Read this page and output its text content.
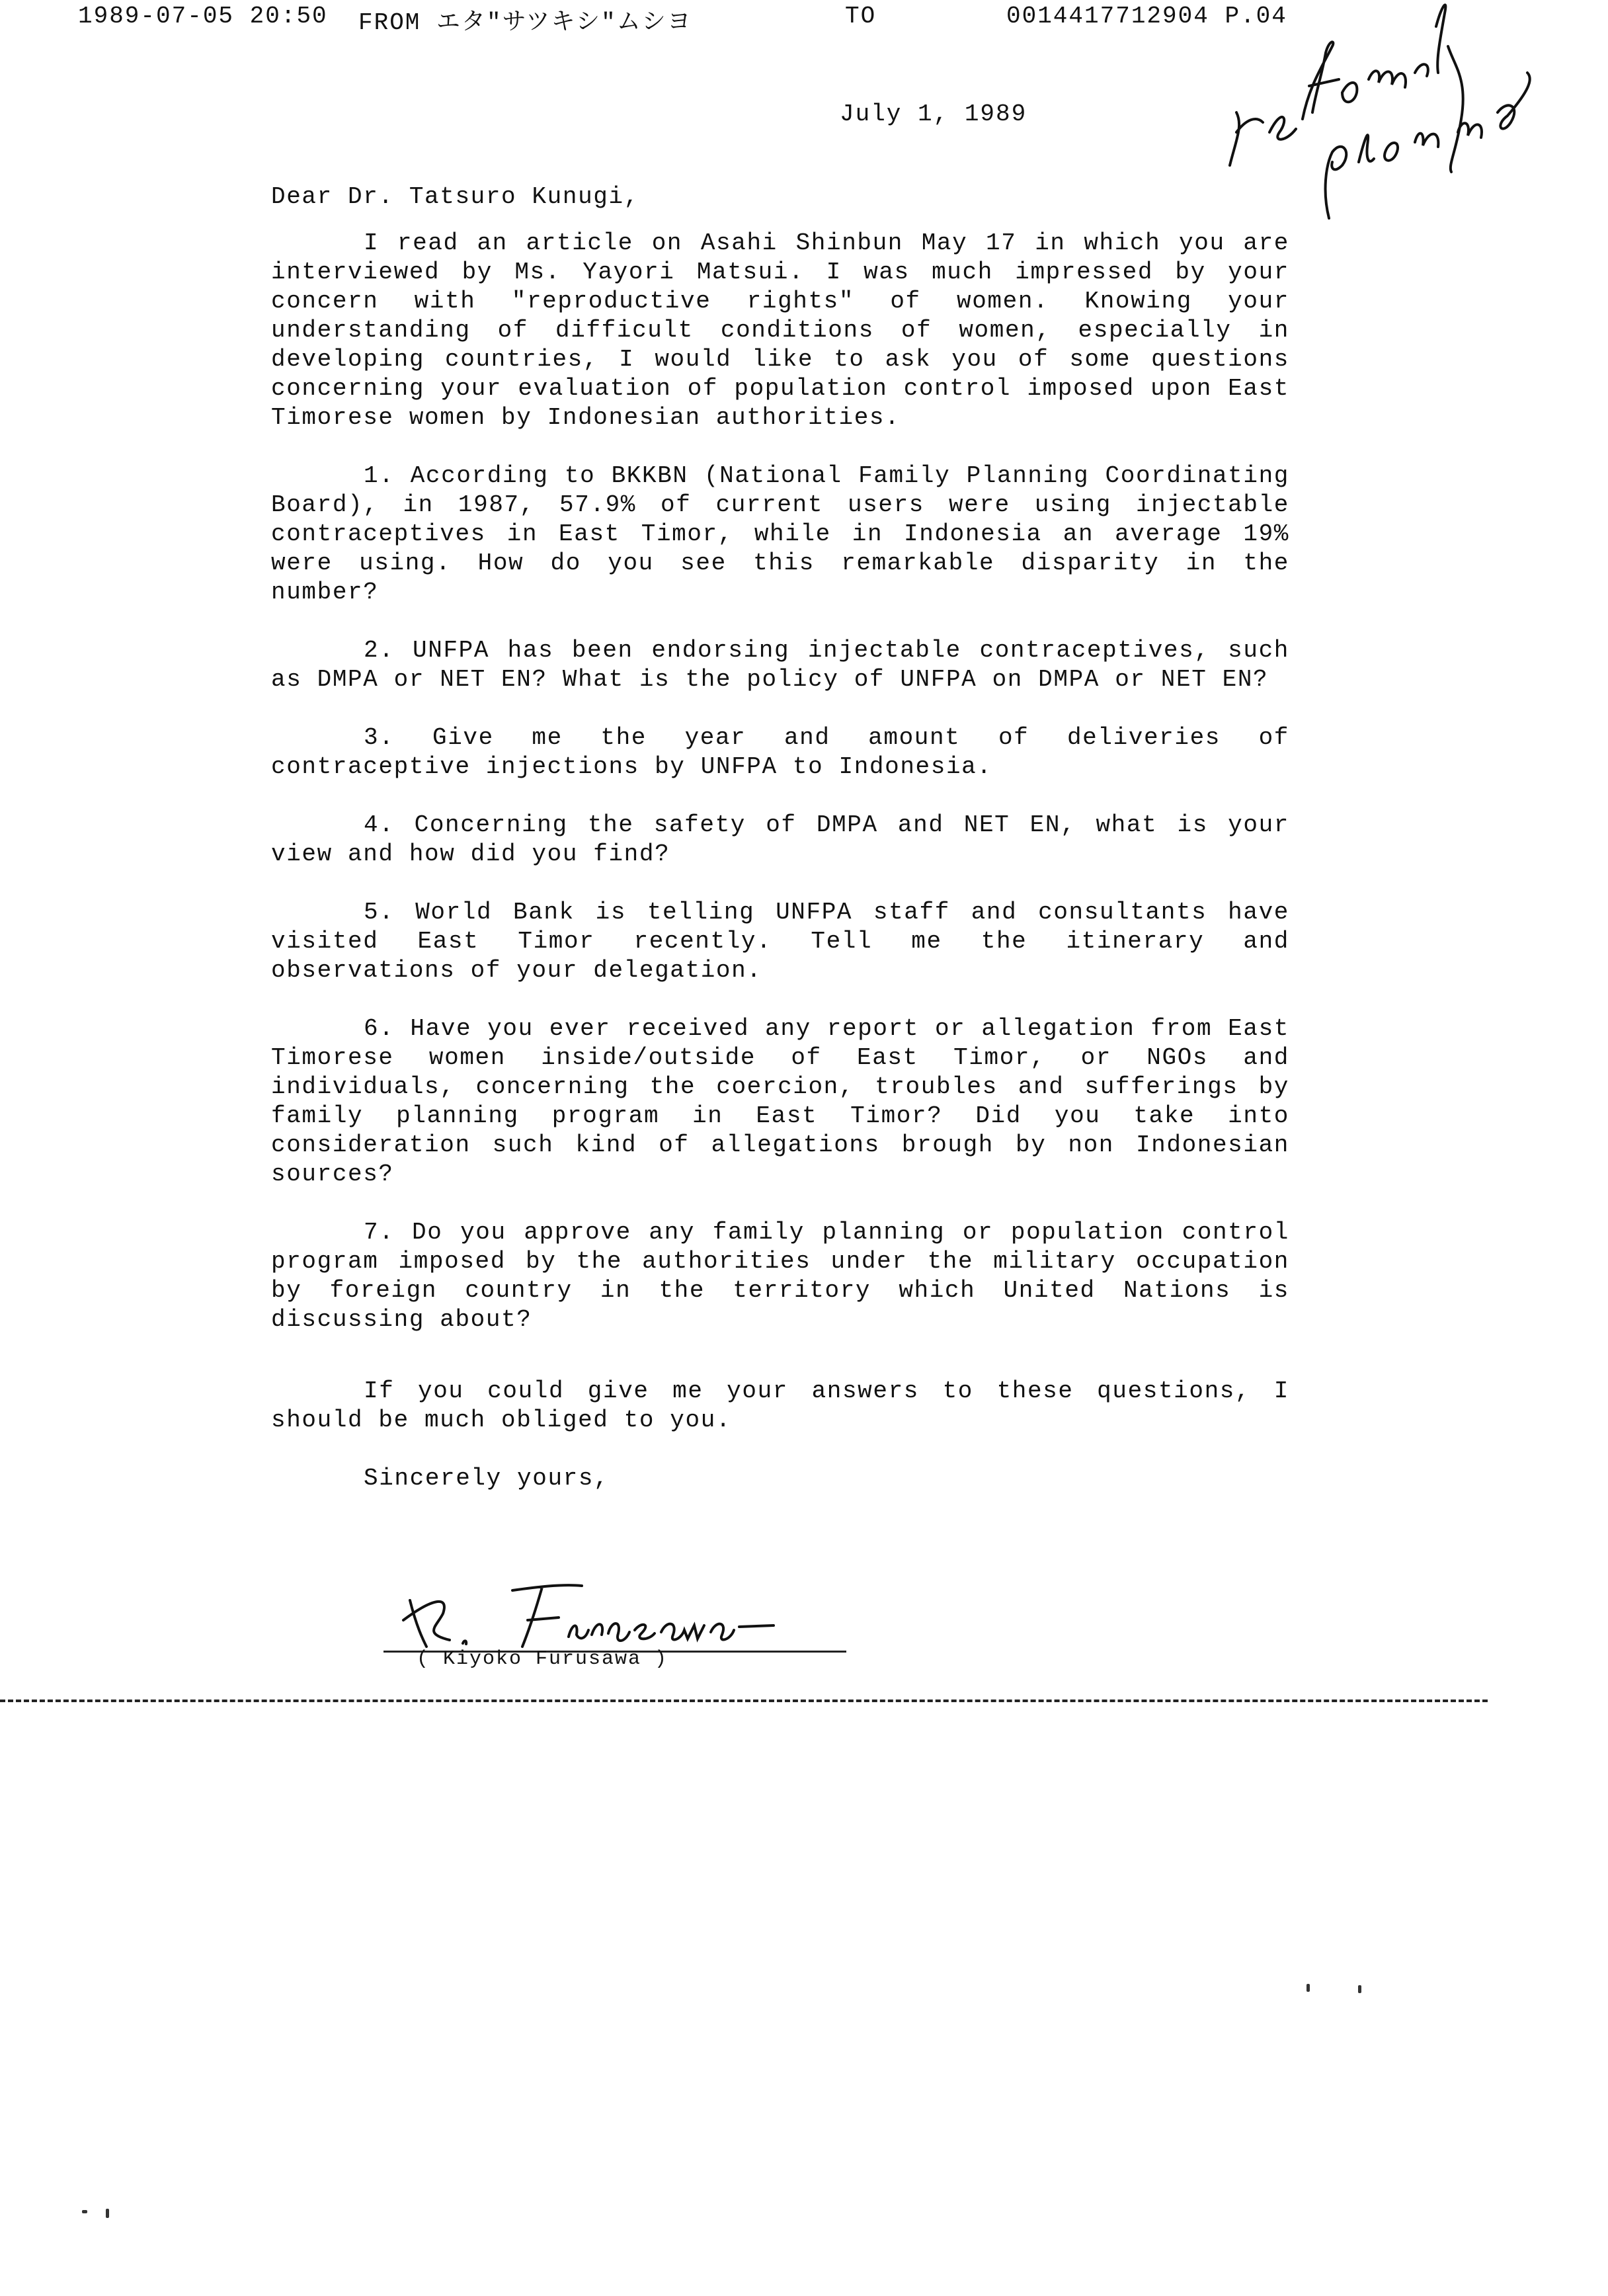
1989-07-05 20:50

FROM エタ"サツキシ"ムシヨ

	TO

	0014417712904 P.04

July 1, 1989

Dear Dr. Tatsuro Kunugi,

I read an article on Asahi Shinbun May 17 in which you are interviewed by Ms. Yayori Matsui. I was much impressed by your concern with "reproductive rights" of women. Knowing your understanding of difficult conditions of women, especially in developing countries, I would like to ask you of some questions concerning your evaluation of population control imposed upon East Timorese women by Indonesian authorities.

1. According to BKKBN (National Family Planning Coordinating Board), in 1987, 57.9% of current users were using injectable contraceptives in East Timor, while in Indonesia an average 19% were using. How do you see this remarkable disparity in the number?

2. UNFPA has been endorsing injectable contraceptives, such as DMPA or NET EN? What is the policy of UNFPA on DMPA or NET EN?

3. Give me the year and amount of deliveries of contraceptive injections by UNFPA to Indonesia.

4. Concerning the safety of DMPA and NET EN, what is your view and how did you find?

5. World Bank is telling UNFPA staff and consultants have visited East Timor recently. Tell me the itinerary and observations of your delegation.

6. Have you ever received any report or allegation from East Timorese women inside/outside of East Timor, or NGOs and individuals, concerning the coercion, troubles and sufferings by family planning program in East Timor? Did you take into consideration such kind of allegations brough by non Indonesian sources?

7. Do you approve any family planning or population control program imposed by the authorities under the military occupation by foreign country in the territory which United Nations is discussing about?

If you could give me your answers to these questions, I should be much obliged to you.

Sincerely yours,

( Kiyoko Furusawa )
